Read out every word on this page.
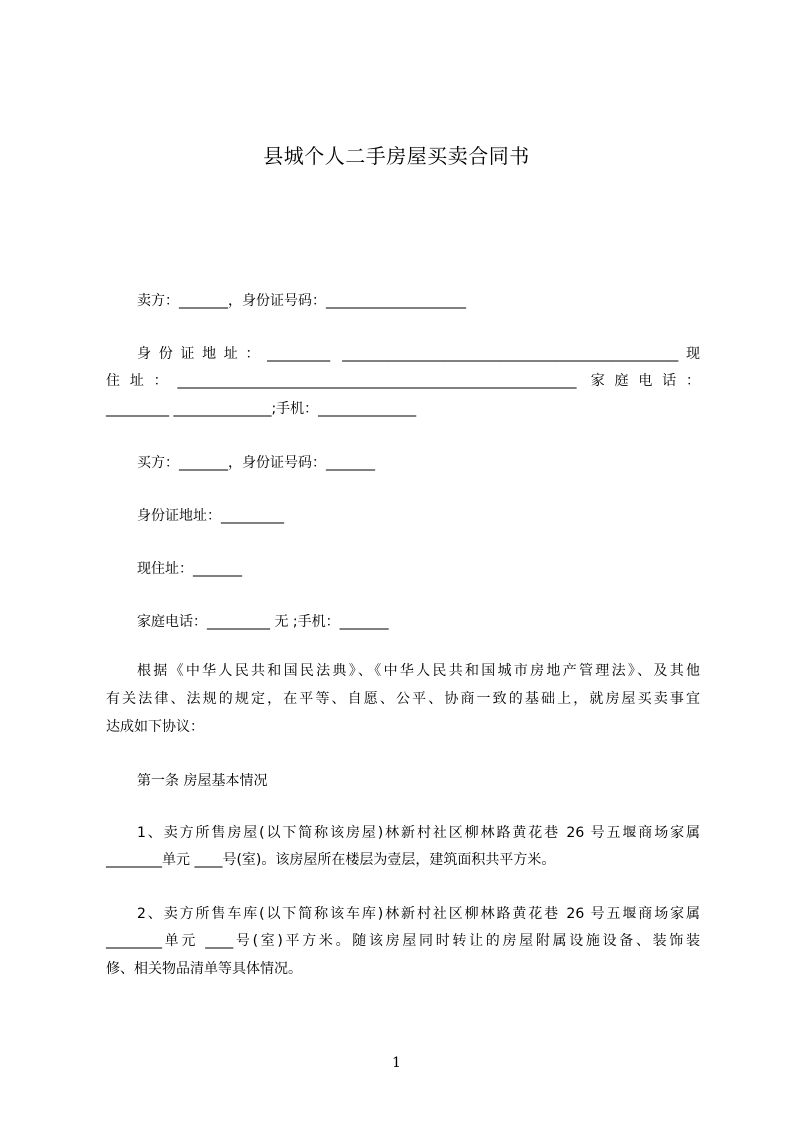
县城个人二手房屋买卖合同书

卖方：_______，身份证号码：____________________

身份证地址：_________ ________________________________________________现

住址：_________________________________________________________ 家庭电话：

_________ ______________;手机：______________

买方：_______，身份证号码：_______

身份证地址：_________

现住址：_______

家庭电话：_________ 无 ;手机：_______

根据《中华人民共和国民法典》、《中华人民共和国城市房地产管理法》、及其他

有关法律、法规的规定，在平等、自愿、公平、协商一致的基础上，就房屋买卖事宜

达成如下协议：

第一条 房屋基本情况

1、卖方所售房屋(以下简称该房屋)林新村社区柳林路黄花巷 26 号五堰商场家属

________单元 ____号(室)。该房屋所在楼层为壹层，建筑面积共平方米。

2、卖方所售车库(以下简称该车库)林新村社区柳林路黄花巷 26 号五堰商场家属

________单元 ____号(室)平方米。随该房屋同时转让的房屋附属设施设备、装饰装

修、相关物品清单等具体情况。

1
